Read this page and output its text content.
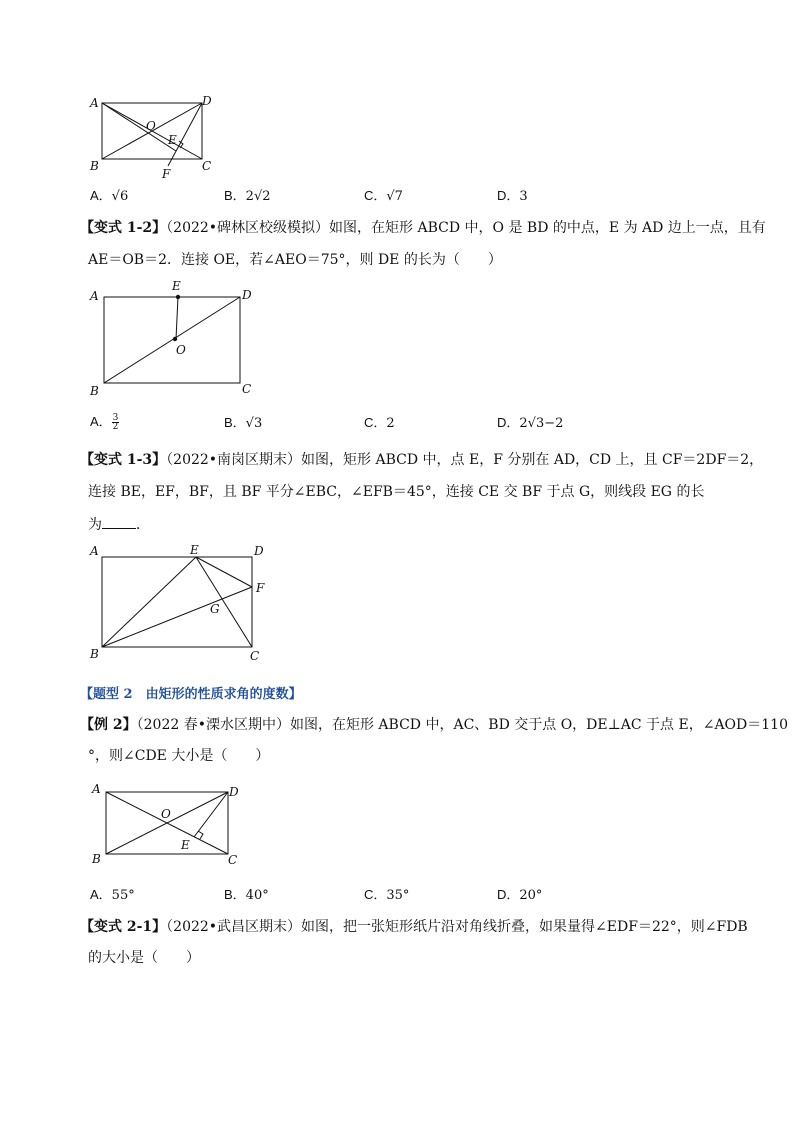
A	D
O
E
B
F
C
A．√6	B．2√2	C．√7	D．3
【变式 1-2】（2022•碑林区校级模拟）如图，在矩形 ABCD 中，O 是 BD 的中点，E 为 AD 边上一点，且有
AE＝OB＝2．连接 OE，若∠AEO＝75°，则 DE 的长为（　　）
A
E
D
O
B	C
A． $\frac{3}{2}$	B．√3	C．2	D．2√3−2
【变式 1-3】（2022•南岗区期末）如图，矩形 ABCD 中，点 E，F 分别在 AD，CD 上，且 CF＝2DF＝2，
连接 BE，EF，BF，且 BF 平分∠EBC，∠EFB＝45°，连接 CE 交 BF 于点 G，则线段 EG 的长
为 ．
A	E	D
F
G
B	C
【题型 2　由矩形的性质求角的度数】
【例 2】（2022 春•溧水区期中）如图，在矩形 ABCD 中，AC、BD 交于点 O，DE⊥AC 于点 E，∠AOD＝110
°，则∠CDE 大小是（　　）
A	D
O
E
B	C
A．55°	B．40°	C．35°	D．20°
【变式 2-1】（2022•武昌区期末）如图，把一张矩形纸片沿对角线折叠，如果量得∠EDF＝22°，则∠FDB
的大小是（　　）
